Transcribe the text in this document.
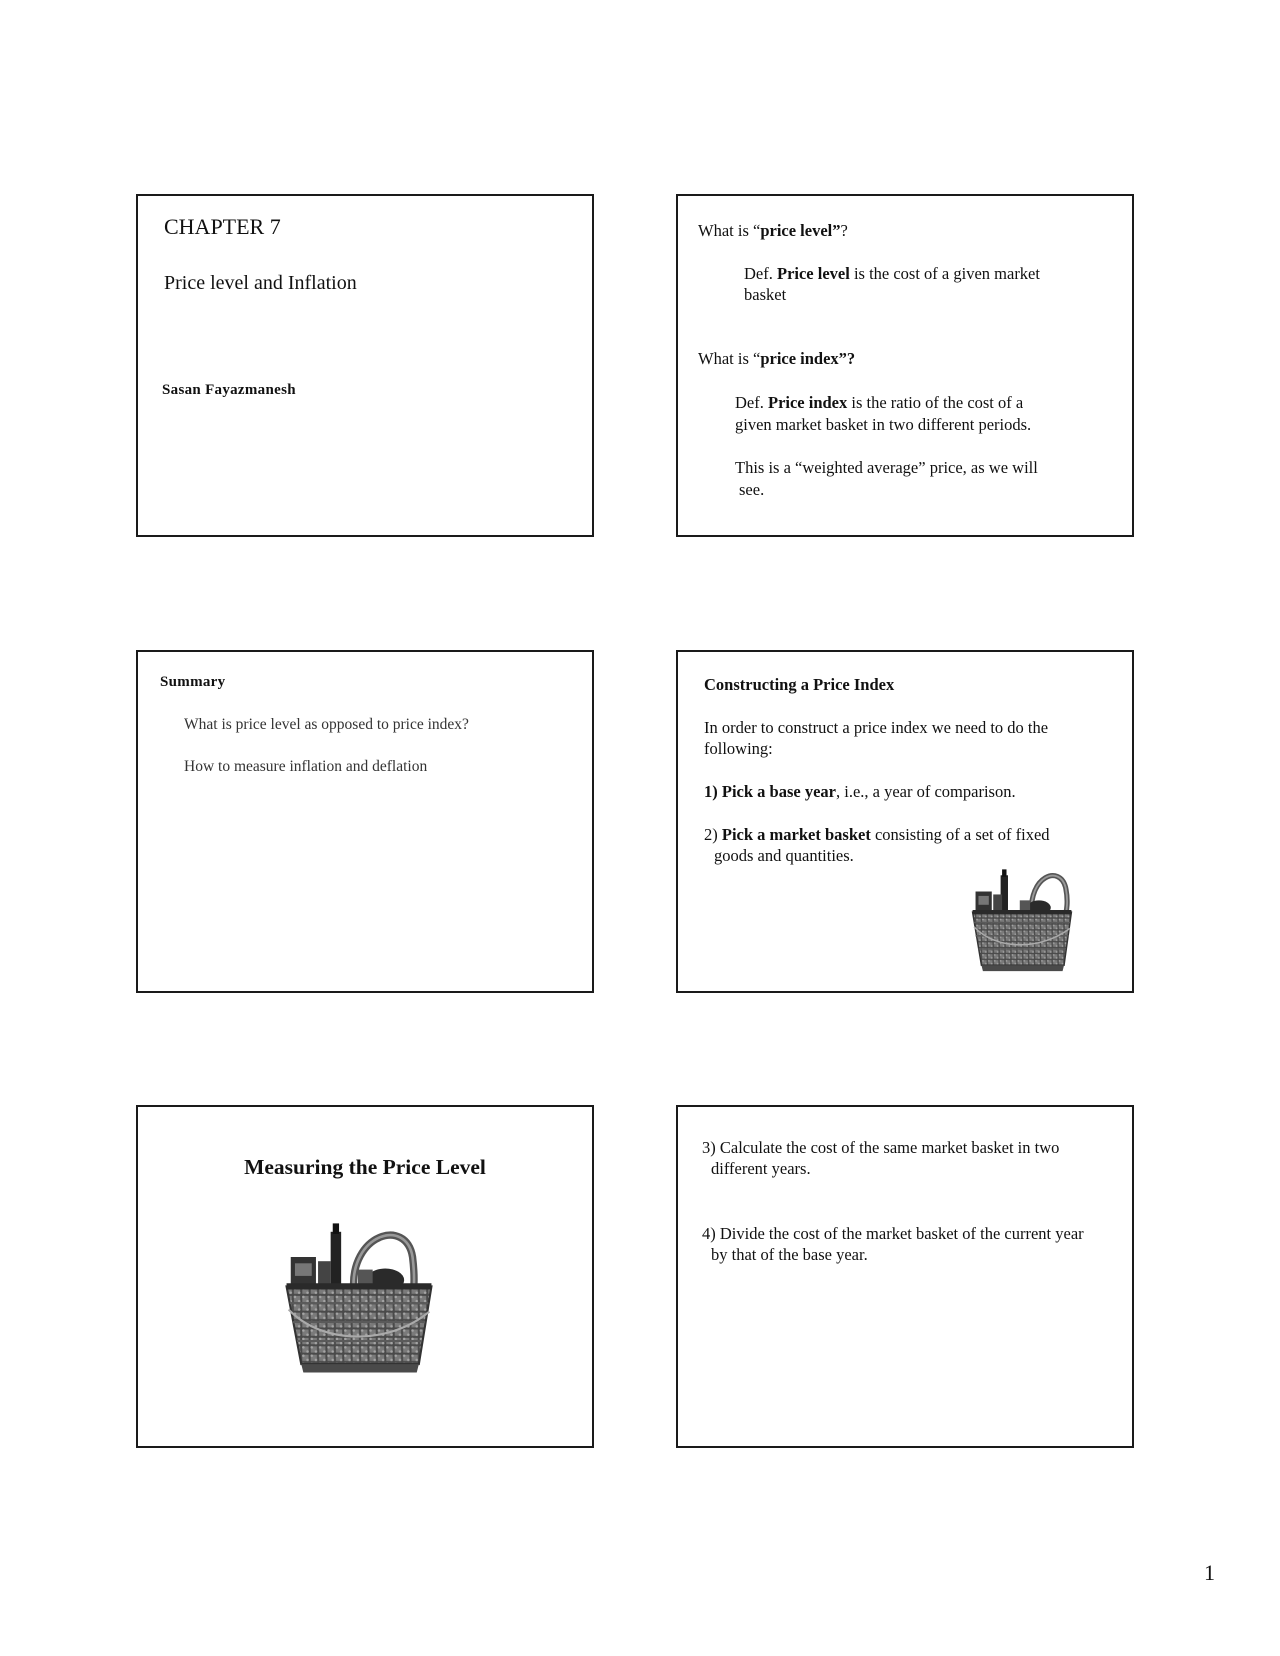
CHAPTER 7
Price level and Inflation
Sasan Fayazmanesh
What is “price level”?
Def. Price level is the cost of a given market
basket
What is “price index”?
Def. Price index is the ratio of the cost of a
given market basket in two different periods.
This is a “weighted average” price, as we will
see.
Summary
What is price level as opposed to price index?
How to measure inflation and deflation
Constructing a Price Index
In order to construct a price index we need to do the
following:
1) Pick a base year, i.e., a year of comparison.
2) Pick a market basket consisting of a set of fixed
goods and quantities.
Measuring the Price Level
3) Calculate the cost of the same market basket in two
different years.
4) Divide the cost of the market basket of the current year
by that of the base year.
1
